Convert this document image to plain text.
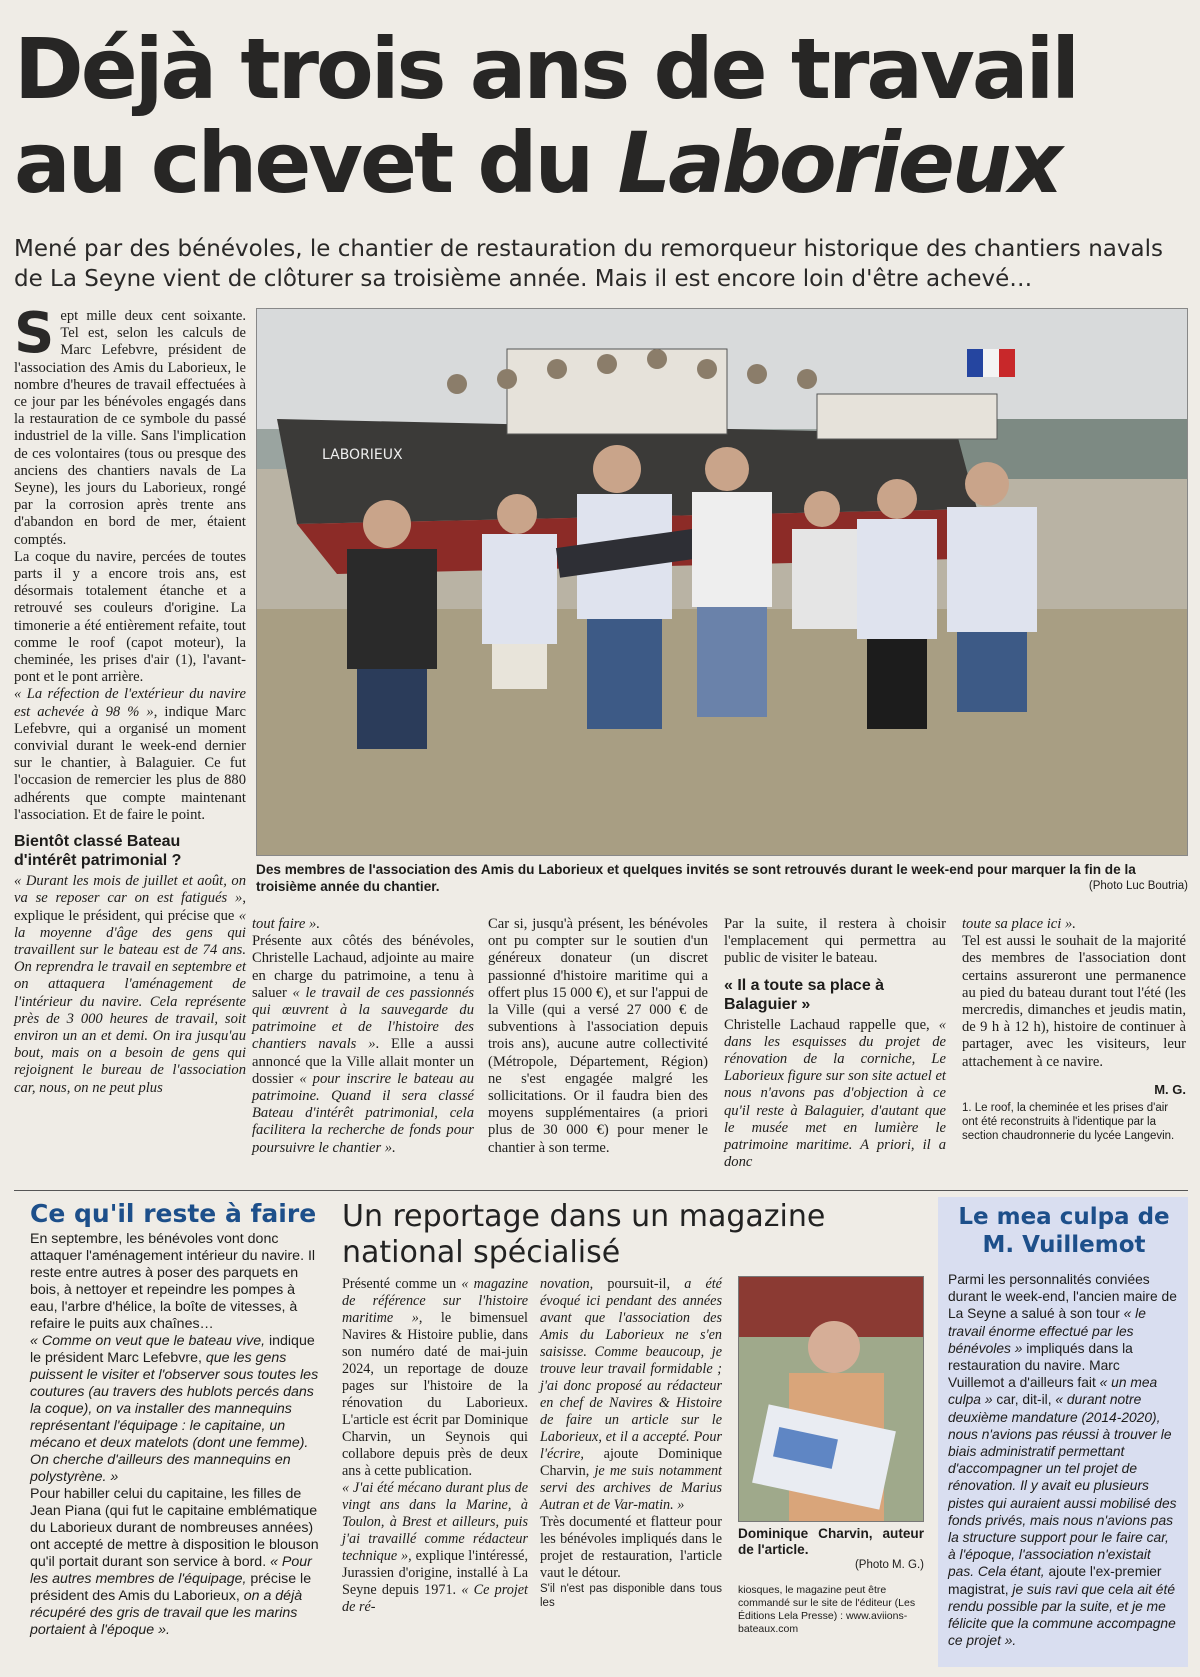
Déjà trois ans de travail
au chevet du Laborieux
Mené par des bénévoles, le chantier de restauration du remorqueur historique des chantiers navals de La Seyne vient de clôturer sa troisième année. Mais il est encore loin d'être achevé…

Sept mille deux cent soixante. Tel est, selon les calculs de Marc Lefebvre, président de l'association des Amis du Laborieux, le nombre d'heures de travail effectuées à ce jour par les bénévoles engagés dans la restauration de ce symbole du passé industriel de la ville. Sans l'implication de ces volontaires (tous ou presque des anciens des chantiers navals de La Seyne), les jours du Laborieux, rongé par la corrosion après trente ans d'abandon en bord de mer, étaient comptés.

La coque du navire, percées de toutes parts il y a encore trois ans, est désormais totalement étanche et a retrouvé ses couleurs d'origine. La timonerie a été entièrement refaite, tout comme le roof (capot moteur), la cheminée, les prises d'air (1), l'avant-pont et le pont arrière.

« La réfection de l'extérieur du navire est achevée à 98 % », indique Marc Lefebvre, qui a organisé un moment convivial durant le week-end dernier sur le chantier, à Balaguier. Ce fut l'occasion de remercier les plus de 880 adhérents que compte maintenant l'association. Et de faire le point.

Bientôt classé Bateau d'intérêt patrimonial ?

« Durant les mois de juillet et août, on va se reposer car on est fatigués », explique le président, qui précise que « la moyenne d'âge des gens qui travaillent sur le bateau est de 74 ans. On reprendra le travail en septembre et on attaquera l'aménagement de l'intérieur du navire. Cela représente près de 3 000 heures de travail, soit environ un an et demi. On ira jusqu'au bout, mais on a besoin de gens qui rejoignent le bureau de l'association car, nous, on ne peut plus

LABORIEUX
Des membres de l'association des Amis du Laborieux et quelques invités se sont retrouvés durant le week-end pour marquer la fin de la troisième année du chantier.	(Photo Luc Boutria)

tout faire ».

Présente aux côtés des bénévoles, Christelle Lachaud, adjointe au maire en charge du patrimoine, a tenu à saluer « le travail de ces passionnés qui œuvrent à la sauvegarde du patrimoine et de l'histoire des chantiers navals ». Elle a aussi annoncé que la Ville allait monter un dossier « pour inscrire le bateau au patrimoine. Quand il sera classé Bateau d'intérêt patrimonial, cela facilitera la recherche de fonds pour poursuivre le chantier ».

Car si, jusqu'à présent, les bénévoles ont pu compter sur le soutien d'un généreux donateur (un discret passionné d'histoire maritime qui a offert plus 15 000 €), et sur l'appui de la Ville (qui a versé 27 000 € de subventions à l'association depuis trois ans), aucune autre collectivité (Métropole, Département, Région) ne s'est engagée malgré les sollicitations. Or il faudra bien des moyens supplémentaires (a priori plus de 30 000 €) pour mener le chantier à son terme.

Par la suite, il restera à choisir l'emplacement qui permettra au public de visiter le bateau.

« Il a toute sa place à Balaguier »

Christelle Lachaud rappelle que, « dans les esquisses du projet de rénovation de la corniche, Le Laborieux figure sur son site actuel et nous n'avons pas d'objection à ce qu'il reste à Balaguier, d'autant que le musée met en lumière le patrimoine maritime. A priori, il a donc

toute sa place ici ».

Tel est aussi le souhait de la majorité des membres de l'association dont certains assureront une permanence au pied du bateau durant tout l'été (les mercredis, dimanches et jeudis matin, de 9 h à 12 h), histoire de continuer à partager, avec les visiteurs, leur attachement à ce navire.

M. G.

1. Le roof, la cheminée et les prises d'air ont été reconstruits à l'identique par la section chaudronnerie du lycée Langevin.

Ce qu'il reste à faire

En septembre, les bénévoles vont donc attaquer l'aménagement intérieur du navire. Il reste entre autres à poser des parquets en bois, à nettoyer et repeindre les pompes à eau, l'arbre d'hélice, la boîte de vitesses, à refaire le puits aux chaînes…

« Comme on veut que le bateau vive, indique le président Marc Lefebvre, que les gens puissent le visiter et l'observer sous toutes les coutures (au travers des hublots percés dans la coque), on va installer des mannequins représentant l'équipage : le capitaine, un mécano et deux matelots (dont une femme). On cherche d'ailleurs des mannequins en polystyrène. »

Pour habiller celui du capitaine, les filles de Jean Piana (qui fut le capitaine emblématique du Laborieux durant de nombreuses années) ont accepté de mettre à disposition le blouson qu'il portait durant son service à bord. « Pour les autres membres de l'équipage, précise le président des Amis du Laborieux, on a déjà récupéré des gris de travail que les marins portaient à l'époque ».

Un reportage dans un magazine national spécialisé

Présenté comme un « magazine de référence sur l'histoire maritime », le bimensuel Navires & Histoire publie, dans son numéro daté de mai-juin 2024, un reportage de douze pages sur l'histoire de la rénovation du Laborieux. L'article est écrit par Dominique Charvin, un Seynois qui collabore depuis près de deux ans à cette publication.

« J'ai été mécano durant plus de vingt ans dans la Marine, à Toulon, à Brest et ailleurs, puis j'ai travaillé comme rédacteur technique », explique l'intéressé, Jurassien d'origine, installé à La Seyne depuis 1971. « Ce projet de ré-

novation, poursuit-il, a été évoqué ici pendant des années avant que l'association des Amis du Laborieux ne s'en saisisse. Comme beaucoup, je trouve leur travail formidable ; j'ai donc proposé au rédacteur en chef de Navires & Histoire de faire un article sur le Laborieux, et il a accepté. Pour l'écrire, ajoute Dominique Charvin, je me suis notamment servi des archives de Marius Autran et de Var-matin. »

Très documenté et flatteur pour les bénévoles impliqués dans le projet de restauration, l'article vaut le détour.

S'il n'est pas disponible dans tous les

Dominique Charvin, auteur de l'article.
(Photo M. G.)
kiosques, le magazine peut être commandé sur le site de l'éditeur (Les Éditions Lela Presse) : www.aviions-bateaux.com
Le mea culpa de M. Vuillemot

Parmi les personnalités conviées durant le week-end, l'ancien maire de La Seyne a salué à son tour « le travail énorme effectué par les bénévoles » impliqués dans la restauration du navire. Marc Vuillemot a d'ailleurs fait « un mea culpa » car, dit-il, « durant notre deuxième mandature (2014-2020), nous n'avions pas réussi à trouver le biais administratif permettant d'accompagner un tel projet de rénovation. Il y avait eu plusieurs pistes qui auraient aussi mobilisé des fonds privés, mais nous n'avions pas la structure support pour le faire car, à l'époque, l'association n'existait pas. Cela étant, ajoute l'ex-premier magistrat, je suis ravi que cela ait été rendu possible par la suite, et je me félicite que la commune accompagne ce projet ».
